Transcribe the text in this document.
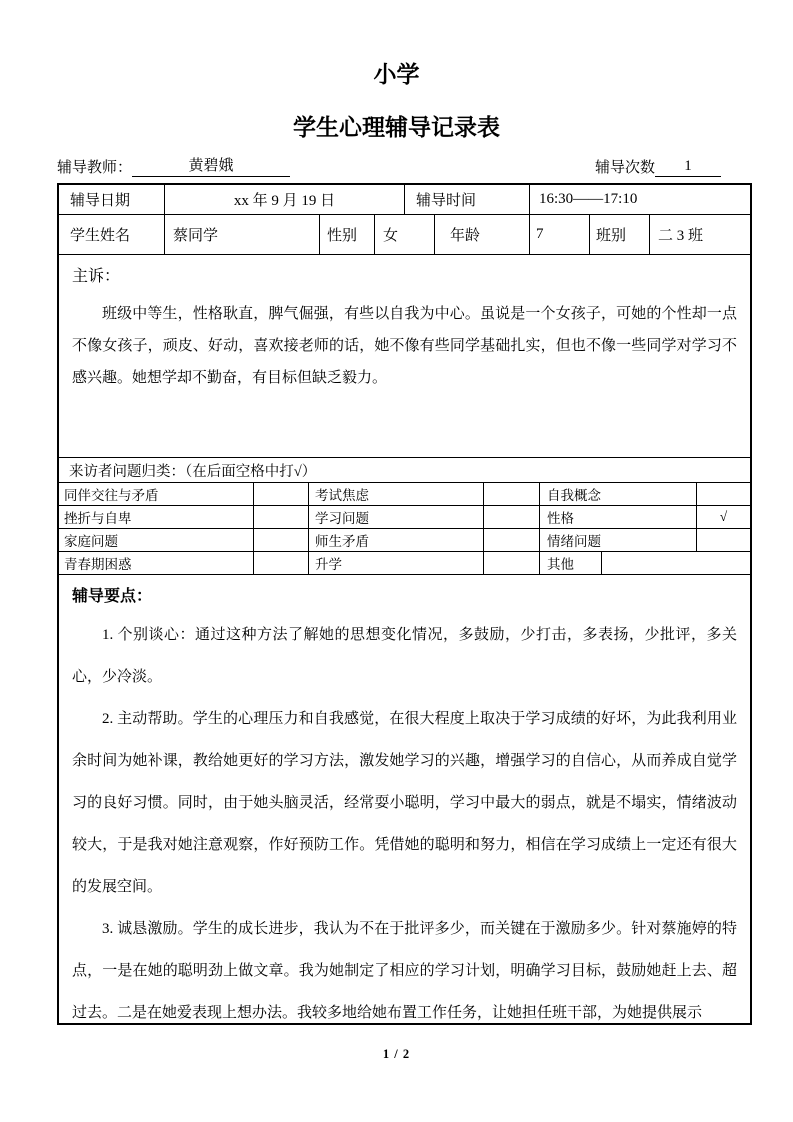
小学
学生心理辅导记录表
辅导教师：	黄碧娥	辅导次数	1
辅导日期	xx 年 9 月 19 日	辅导时间	16:30——17:10
学生姓名	蔡同学	性别	女	年龄	7	班别	二 3 班
主诉：

班级中等生，性格耿直，脾气倔强，有些以自我为中心。虽说是一个女孩子，可她的个性却一点不像女孩子，顽皮、好动，喜欢接老师的话，她不像有些同学基础扎实，但也不像一些同学对学习不感兴趣。她想学却不勤奋，有目标但缺乏毅力。

来访者问题归类：（在后面空格中打√）
同伴交往与矛盾	考试焦虑	自我概念
挫折与自卑	学习问题	性格	√
家庭问题	师生矛盾	情绪问题
青春期困惑	升学	其他
辅导要点：

1. 个别谈心：通过这种方法了解她的思想变化情况，多鼓励，少打击，多表扬，少批评，多关心，少冷淡。

2. 主动帮助。学生的心理压力和自我感觉，在很大程度上取决于学习成绩的好坏，为此我利用业余时间为她补课，教给她更好的学习方法，激发她学习的兴趣，增强学习的自信心，从而养成自觉学习的良好习惯。同时，由于她头脑灵活，经常耍小聪明，学习中最大的弱点，就是不塌实，情绪波动较大，于是我对她注意观察，作好预防工作。凭借她的聪明和努力，相信在学习成绩上一定还有很大的发展空间。

3. 诚恳激励。学生的成长进步，我认为不在于批评多少，而关键在于激励多少。针对蔡施婷的特点，一是在她的聪明劲上做文章。我为她制定了相应的学习计划，明确学习目标，鼓励她赶上去、超过去。二是在她爱表现上想办法。我较多地给她布置工作任务，让她担任班干部，为她提供展示

1 / 2
